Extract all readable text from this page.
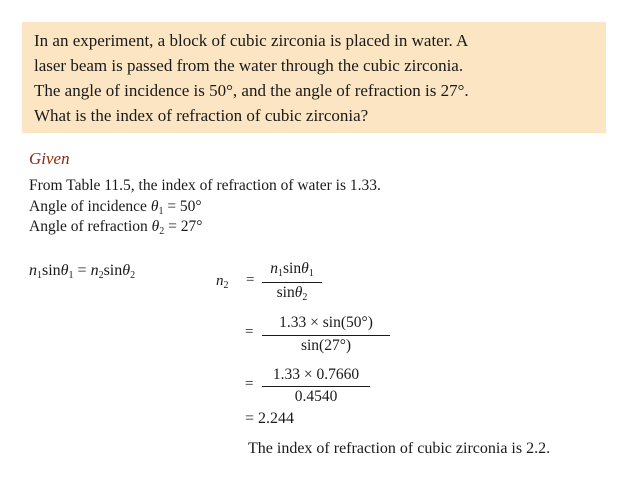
In an experiment, a block of cubic zirconia is placed in water. A
laser beam is passed from the water through the cubic zirconia.
The angle of incidence is 50°, and the angle of refraction is 27°.
What is the index of refraction of cubic zirconia?
Given
From Table 11.5, the index of refraction of water is 1.33.
Angle of incidence $\theta_1 = 50^\circ$
Angle of refraction $\theta_2 = 27^\circ$
$n_1\sin\theta_1 = n_2\sin\theta_2$	$n_2$ =
$n_1\sin\theta_1$
sinθ$_2$
=
1.33 × sin(50°)
sin(27°)
=
1.33 × 0.7660
0.4540
= 2.244
The index of refraction of cubic zirconia is 2.2.
